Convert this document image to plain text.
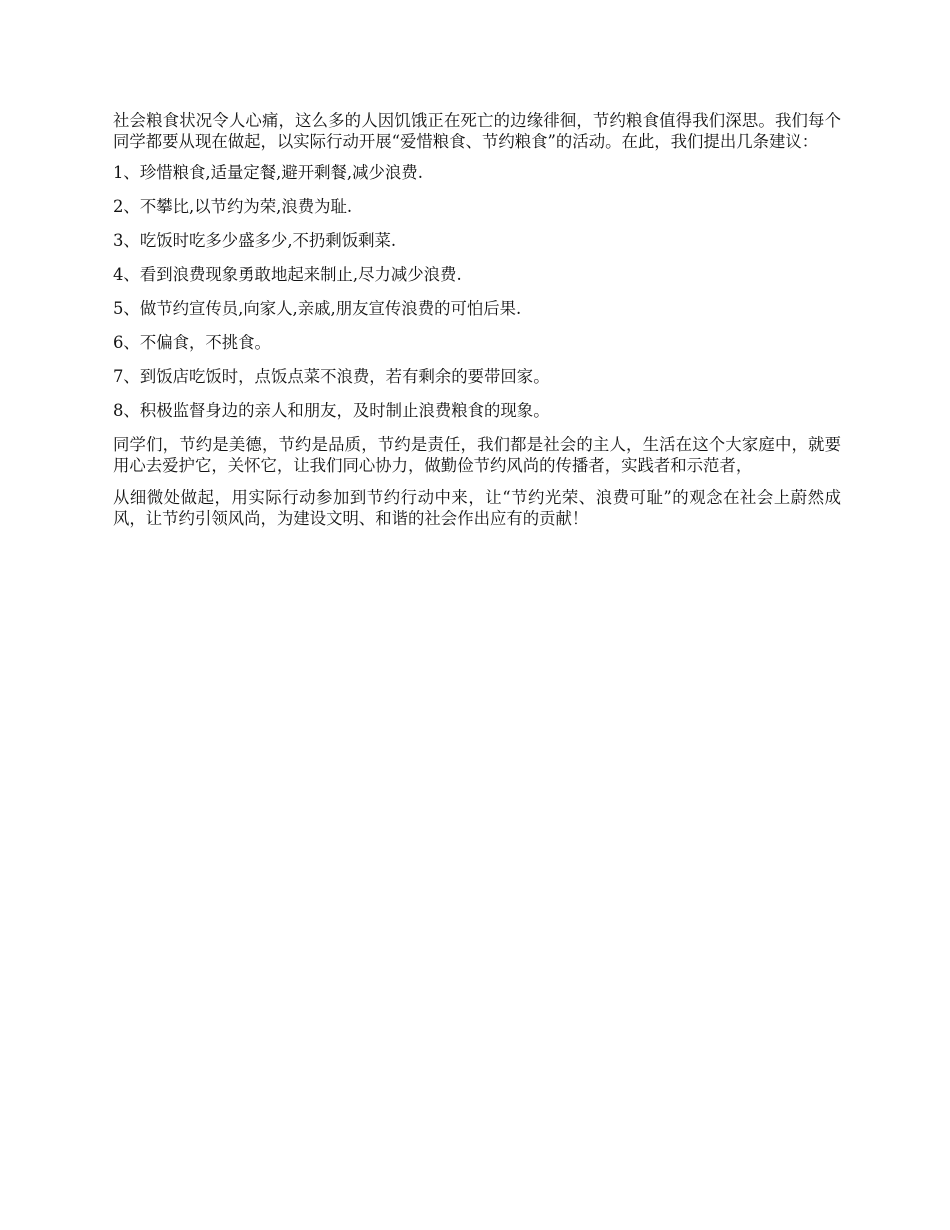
社会粮食状况令人心痛，这么多的人因饥饿正在死亡的边缘徘徊，节约粮食值得我们深思。我们每个同学都要从现在做起，以实际行动开展“爱惜粮食、节约粮食”的活动。在此，我们提出几条建议：

1、珍惜粮食,适量定餐,避开剩餐,减少浪费.

2、不攀比,以节约为荣,浪费为耻.

3、吃饭时吃多少盛多少,不扔剩饭剩菜.

4、看到浪费现象勇敢地起来制止,尽力减少浪费.

5、做节约宣传员,向家人,亲戚,朋友宣传浪费的可怕后果.

6、不偏食，不挑食。

7、到饭店吃饭时，点饭点菜不浪费，若有剩余的要带回家。

8、积极监督身边的亲人和朋友，及时制止浪费粮食的现象。

同学们，节约是美德，节约是品质，节约是责任，我们都是社会的主人，生活在这个大家庭中，就要用心去爱护它，关怀它，让我们同心协力，做勤俭节约风尚的传播者，实践者和示范者，

从细微处做起，用实际行动参加到节约行动中来，让“节约光荣、浪费可耻”的观念在社会上蔚然成风，让节约引领风尚，为建设文明、和谐的社会作出应有的贡献！
